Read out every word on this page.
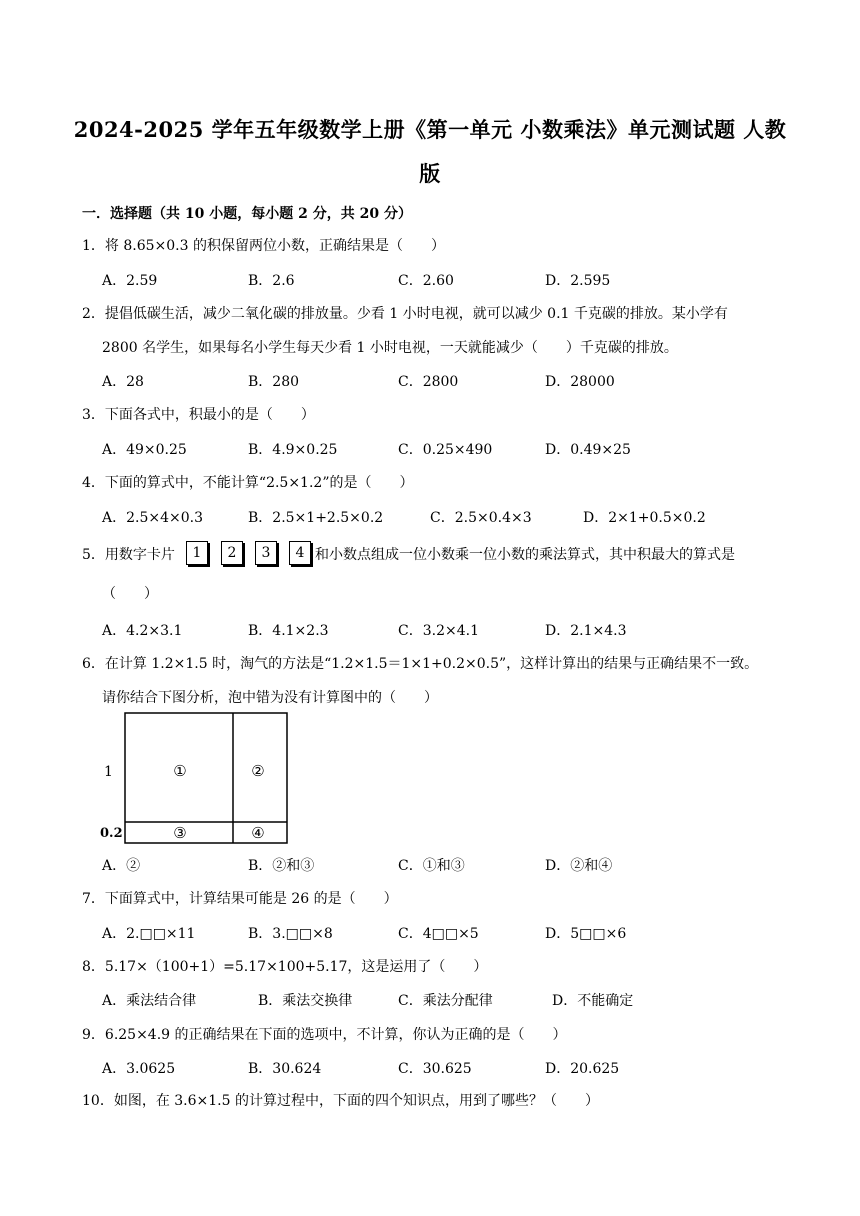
2024-2025 学年五年级数学上册《第一单元 小数乘法》单元测试题 人教
版
一．选择题（共 10 小题，每小题 2 分，共 20 分）
1．将 8.65×0.3 的积保留两位小数，正确结果是（　　）
A．2.59	B．2.6	C．2.60	D．2.595
2．提倡低碳生活，减少二氧化碳的排放量。少看 1 小时电视，就可以减少 0.1 千克碳的排放。某小学有
2800 名学生，如果每名小学生每天少看 1 小时电视，一天就能减少（　　）千克碳的排放。
A．28	B．280	C．2800	D．28000
3．下面各式中，积最小的是（　　）
A．49×0.25	B．4.9×0.25	C．0.25×490	D．0.49×25
4．下面的算式中，不能计算“2.5×1.2”的是（　　）
A．2.5×4×0.3	B．2.5×1+2.5×0.2	C．2.5×0.4×3	D．2×1+0.5×0.2
5．用数字卡片	1	2	3	4 和小数点组成一位小数乘一位小数的乘法算式，其中积最大的算式是
（　　）
A．4.2×3.1	B．4.1×2.3	C．3.2×4.1	D．2.1×4.3
6．在计算 1.2×1.5 时，淘气的方法是“1.2×1.5＝1×1+0.2×0.5”，这样计算出的结果与正确结果不一致。
请你结合下图分析，泡中错为没有计算图中的（　　）
1
0.2
①	②
③	④
A．②	B．②和③	C．①和③	D．②和④
7．下面算式中，计算结果可能是 26 的是（　　）
A．2.□□×11	B．3.□□×8	C．4□□×5	D．5□□×6
8．5.17×（100+1）=5.17×100+5.17，这是运用了（　　）
A．乘法结合律	B．乘法交换律	C．乘法分配律	D．不能确定
9．6.25×4.9 的正确结果在下面的选项中，不计算，你认为正确的是（　　）
A．3.0625	B．30.624	C．30.625	D．20.625
10．如图，在 3.6×1.5 的计算过程中，下面的四个知识点，用到了哪些？（　　）
